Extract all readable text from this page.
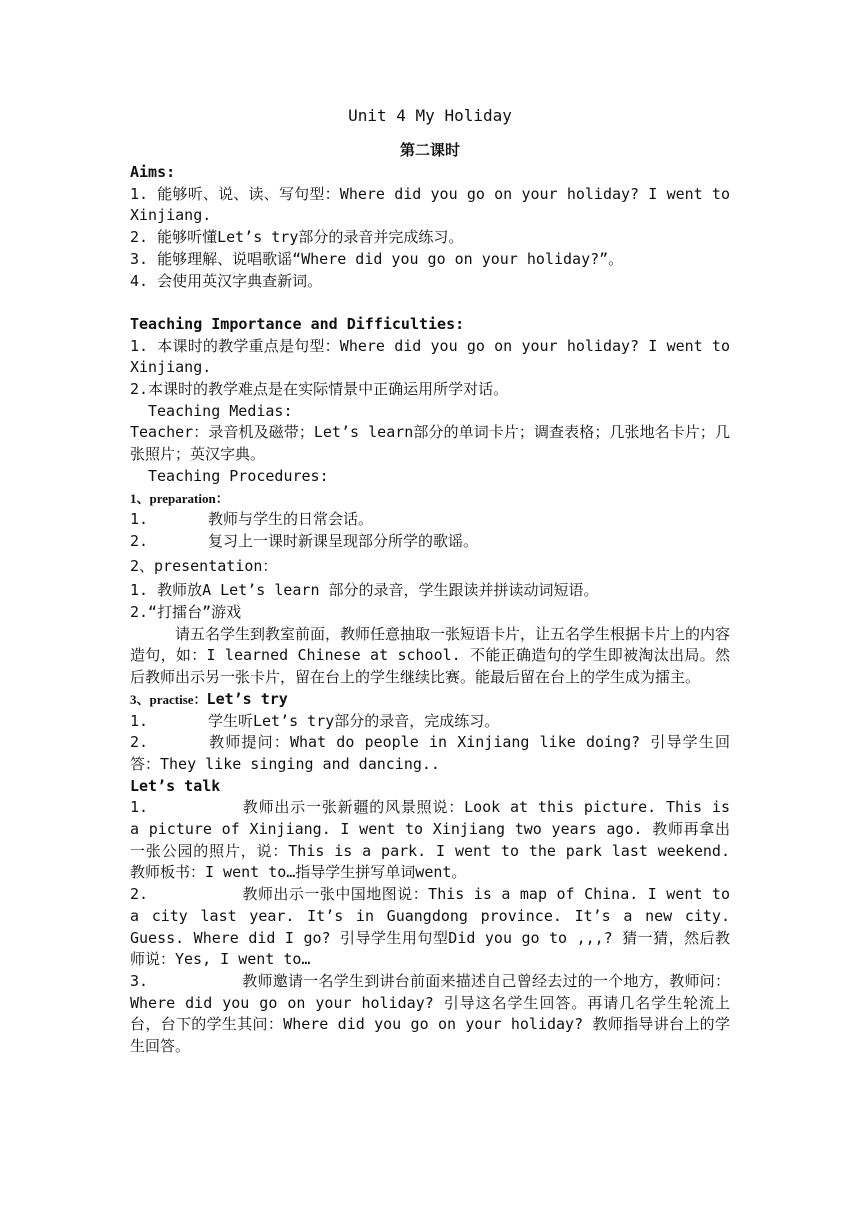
Unit 4 My Holiday
第二课时
Aims:
1. 能够听、说、读、写句型：Where did you go on your holiday? I went to Xinjiang.
2. 能够听懂Let’s try部分的录音并完成练习。
3. 能够理解、说唱歌谣“Where did you go on your holiday?”。
4. 会使用英汉字典查新词。
Teaching Importance and Difficulties:
1. 本课时的教学重点是句型：Where did you go on your holiday? I went to Xinjiang.
2.本课时的教学难点是在实际情景中正确运用所学对话。
Teaching Medias:
Teacher：录音机及磁带；Let’s learn部分的单词卡片；调查表格；几张地名卡片；几张照片；英汉字典。
Teaching Procedures:
1、preparation：
1.	教师与学生的日常会话。
2.	复习上一课时新课呈现部分所学的歌谣。
2、presentation：
1. 教师放A Let’s learn 部分的录音，学生跟读并拼读动词短语。
2.“打擂台”游戏
请五名学生到教室前面，教师任意抽取一张短语卡片，让五名学生根据卡片上的内容造句，如：I learned Chinese at school. 不能正确造句的学生即被淘汰出局。然后教师出示另一张卡片，留在台上的学生继续比赛。能最后留在台上的学生成为擂主。
3、practise：Let’s try
1.	学生听Let’s try部分的录音，完成练习。
2.	教师提问：What do people in Xinjiang like doing? 引导学生回答：They like singing and dancing..
Let’s talk
1.	教师出示一张新疆的风景照说：Look at this picture. This is a picture of Xinjiang. I went to Xinjiang two years ago. 教师再拿出一张公园的照片，说：This is a park. I went to the park last weekend. 教师板书：I went to…指导学生拼写单词went。
2.	教师出示一张中国地图说：This is a map of China. I went to a city last year. It’s in Guangdong province. It’s a new city. Guess. Where did I go? 引导学生用句型Did you go to ,,,? 猜一猜，然后教师说：Yes, I went to…
3.	教师邀请一名学生到讲台前面来描述自己曾经去过的一个地方，教师问：Where did you go on your holiday? 引导这名学生回答。再请几名学生轮流上台，台下的学生其问：Where did you go on your holiday? 教师指导讲台上的学生回答。
